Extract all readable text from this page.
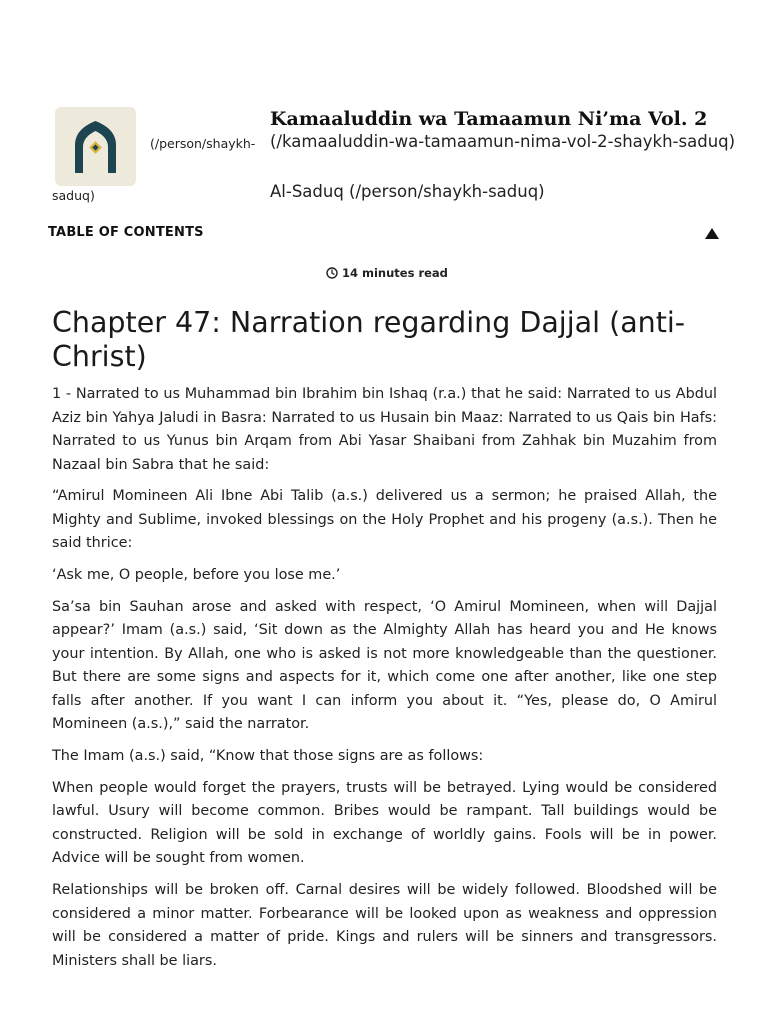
(/person/shaykh-
saduq)
Kamaaluddin wa Tamaamun Ni’ma Vol. 2
(/kamaaluddin-wa-tamaamun-nima-vol-2-shaykh-saduq)
Al-Saduq (/person/shaykh-saduq)
TABLE OF CONTENTS
14 minutes read
Chapter 47: Narration regarding Dajjal (anti-Christ)

1 - Narrated to us Muhammad bin Ibrahim bin Ishaq (r.a.) that he said: Narrated to us Abdul Aziz bin Yahya Jaludi in Basra: Narrated to us Husain bin Maaz: Narrated to us Qais bin Hafs: Narrated to us Yunus bin Arqam from Abi Yasar Shaibani from Zahhak bin Muzahim from Nazaal bin Sabra that he said:

“Amirul Momineen Ali Ibne Abi Talib (a.s.) delivered us a sermon; he praised Allah, the Mighty and Sublime, invoked blessings on the Holy Prophet and his progeny (a.s.). Then he said thrice:

‘Ask me, O people, before you lose me.’

Sa’sa bin Sauhan arose and asked with respect, ‘O Amirul Momineen, when will Dajjal appear?’ Imam (a.s.) said, ‘Sit down as the Almighty Allah has heard you and He knows your intention. By Allah, one who is asked is not more knowledgeable than the questioner. But there are some signs and aspects for it, which come one after another, like one step falls after another. If you want I can inform you about it. “Yes, please do, O Amirul Momineen (a.s.),” said the narrator.

The Imam (a.s.) said, “Know that those signs are as follows:

When people would forget the prayers, trusts will be betrayed. Lying would be considered lawful. Usury will become common. Bribes would be rampant. Tall buildings would be constructed. Religion will be sold in exchange of worldly gains. Fools will be in power. Advice will be sought from women.

Relationships will be broken off. Carnal desires will be widely followed. Bloodshed will be considered a minor matter. Forbearance will be looked upon as weakness and oppression will be considered a matter of pride. Kings and rulers will be sinners and transgressors. Ministers shall be liars.
